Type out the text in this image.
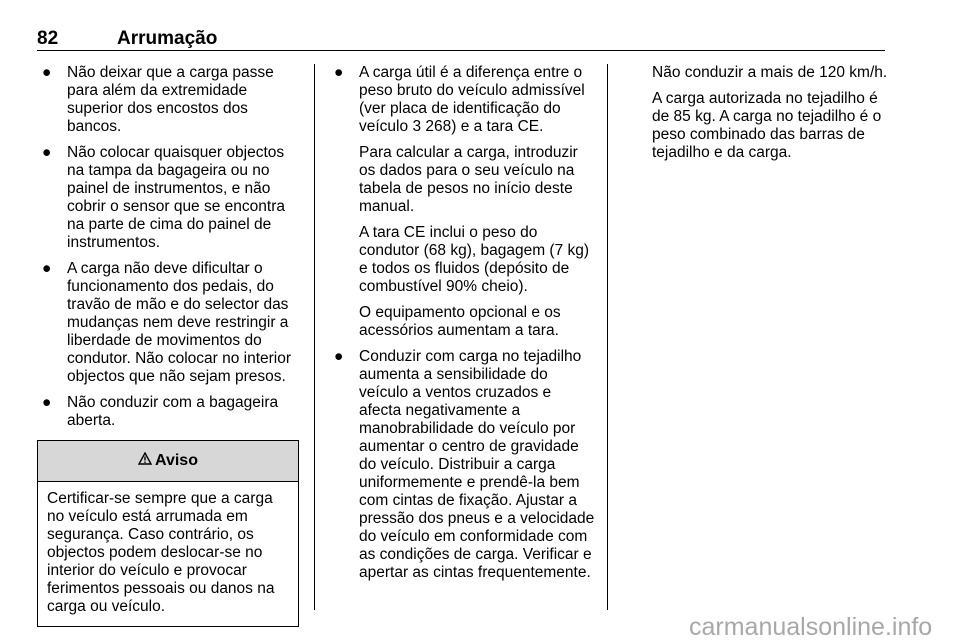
82	Arrumação
● Não deixar que a carga passe para além da extremidade superior dos encostos dos bancos.
● Não colocar quaisquer objectos na tampa da bagageira ou no painel de instrumentos, e não cobrir o sensor que se encontra na parte de cima do painel de instrumentos.
● A carga não deve dificultar o funcionamento dos pedais, do travão de mão e do selector das mudanças nem deve restringir a liberdade de movimentos do condutor. Não colocar no interior objectos que não sejam presos.
● Não conduzir com a bagageira aberta.
Aviso
Certificar-se sempre que a carga no veículo está arrumada em segurança. Caso contrário, os objectos podem deslocar-se no interior do veículo e provocar ferimentos pessoais ou danos na carga ou veículo.
● A carga útil é a diferença entre o peso bruto do veículo admissível (ver placa de identificação do veículo 3 268) e a tara CE.
Para calcular a carga, introduzir os dados para o seu veículo na tabela de pesos no início deste manual.
A tara CE inclui o peso do condutor (68 kg), bagagem (7 kg) e todos os fluidos (depósito de combustível 90% cheio).
O equipamento opcional e os acessórios aumentam a tara.
● Conduzir com carga no tejadilho aumenta a sensibilidade do veículo a ventos cruzados e afecta negativamente a manobrabilidade do veículo por aumentar o centro de gravidade do veículo. Distribuir a carga uniformemente e prendê-la bem com cintas de fixação. Ajustar a pressão dos pneus e a velocidade do veículo em conformidade com as condições de carga. Verificar e apertar as cintas frequentemente.
Não conduzir a mais de 120 km/h.
A carga autorizada no tejadilho é de 85 kg. A carga no tejadilho é o peso combinado das barras de tejadilho e da carga.
carmanualsonline.info
